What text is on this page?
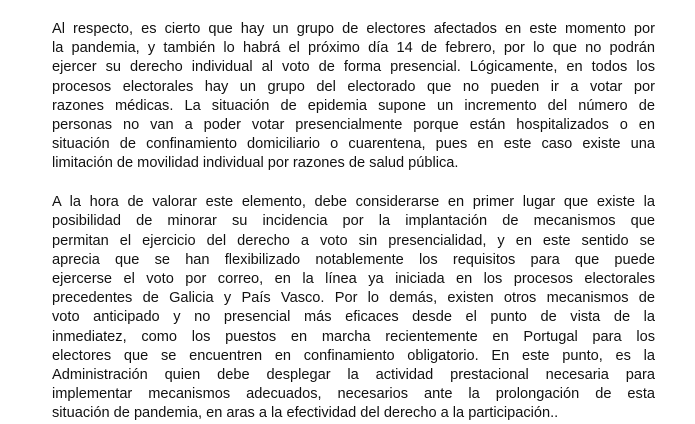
Al respecto, es cierto que hay un grupo de electores afectados en este momento por
la pandemia, y también lo habrá el próximo día 14 de febrero, por lo que no podrán
ejercer su derecho individual al voto de forma presencial. Lógicamente, en todos los
procesos electorales hay un grupo del electorado que no pueden ir a votar por
razones médicas. La situación de epidemia supone un incremento del número de
personas no van a poder votar presencialmente porque están hospitalizados o en
situación de confinamiento domiciliario o cuarentena, pues en este caso existe una
limitación de movilidad individual por razones de salud pública.

A la hora de valorar este elemento, debe considerarse en primer lugar que existe la
posibilidad de minorar su incidencia por la implantación de mecanismos que
permitan el ejercicio del derecho a voto sin presencialidad, y en este sentido se
aprecia que se han flexibilizado notablemente los requisitos para que puede
ejercerse el voto por correo, en la línea ya iniciada en los procesos electorales
precedentes de Galicia y País Vasco. Por lo demás, existen otros mecanismos de
voto anticipado y no presencial más eficaces desde el punto de vista de la
inmediatez, como los puestos en marcha recientemente en Portugal para los
electores que se encuentren en confinamiento obligatorio. En este punto, es la
Administración quien debe desplegar la actividad prestacional necesaria para
implementar mecanismos adecuados, necesarios ante la prolongación de esta
situación de pandemia, en aras a la efectividad del derecho a la participación..
